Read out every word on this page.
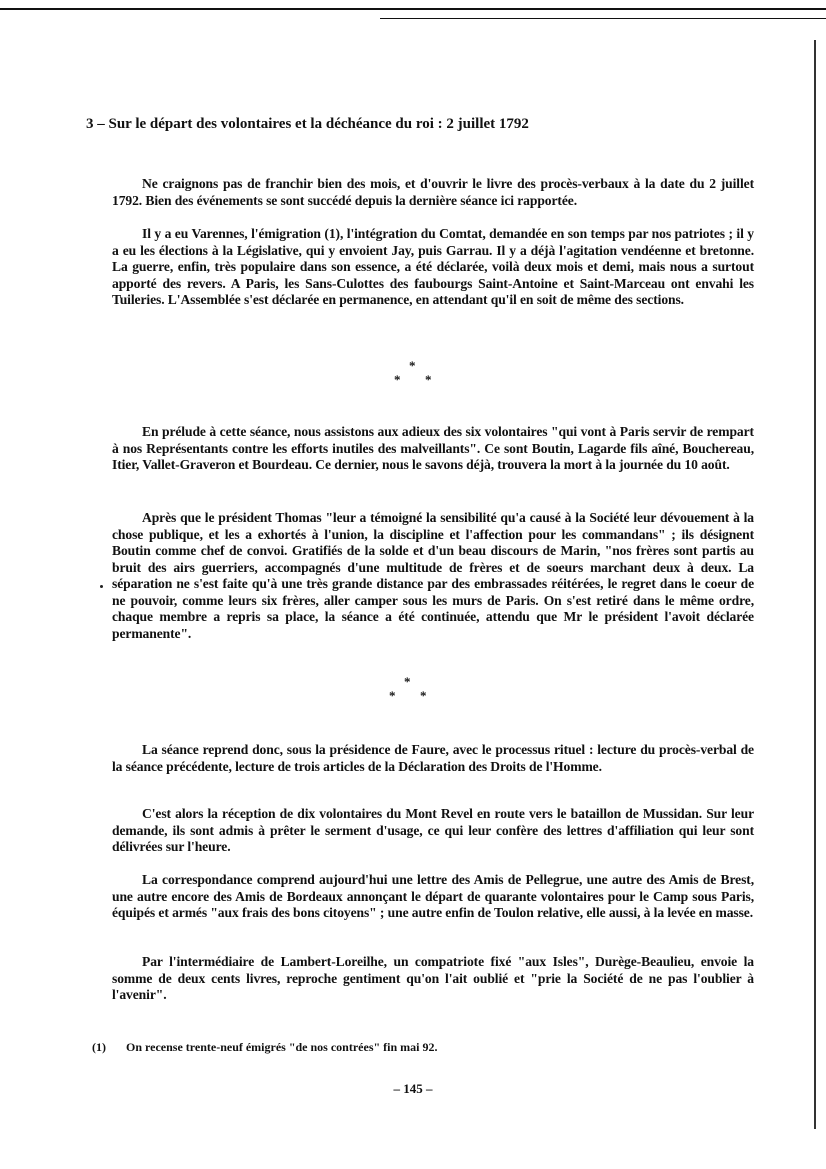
3 – Sur le départ des volontaires et la déchéance du roi : 2 juillet 1792

Ne craignons pas de franchir bien des mois, et d'ouvrir le livre des procès-verbaux à la date du 2 juillet 1792. Bien des événements se sont succédé depuis la dernière séance ici rapportée.

Il y a eu Varennes, l'émigration (1), l'intégration du Comtat, demandée en son temps par nos patriotes ; il y a eu les élections à la Législative, qui y envoient Jay, puis Garrau. Il y a déjà l'agitation vendéenne et bretonne. La guerre, enfin, très populaire dans son essence, a été déclarée, voilà deux mois et demi, mais nous a surtout apporté des revers. A Paris, les Sans-Culottes des faubourgs Saint-Antoine et Saint-Marceau ont envahi les Tuileries. L'Assemblée s'est déclarée en permanence, en attendant qu'il en soit de même des sections.

*
* *

En prélude à cette séance, nous assistons aux adieux des six volontaires "qui vont à Paris servir de rempart à nos Représentants contre les efforts inutiles des malveillants". Ce sont Boutin, Lagarde fils aîné, Bouchereau, Itier, Vallet-Graveron et Bourdeau. Ce dernier, nous le savons déjà, trouvera la mort à la journée du 10 août.

Après que le président Thomas "leur a témoigné la sensibilité qu'a causé à la Société leur dévouement à la chose publique, et les a exhortés à l'union, la discipline et l'affection pour les commandans" ; ils désignent Boutin comme chef de convoi. Gratifiés de la solde et d'un beau discours de Marin, "nos frères sont partis au bruit des airs guerriers, accompagnés d'une multitude de frères et de soeurs marchant deux à deux. La séparation ne s'est faite qu'à une très grande distance par des embrassades réitérées, le regret dans le coeur de ne pouvoir, comme leurs six frères, aller camper sous les murs de Paris. On s'est retiré dans le même ordre, chaque membre a repris sa place, la séance a été continuée, attendu que Mr le président l'avoit déclarée permanente".

*
* *

La séance reprend donc, sous la présidence de Faure, avec le processus rituel : lecture du procès-verbal de la séance précédente, lecture de trois articles de la Déclaration des Droits de l'Homme.

C'est alors la réception de dix volontaires du Mont Revel en route vers le bataillon de Mussidan. Sur leur demande, ils sont admis à prêter le serment d'usage, ce qui leur confère des lettres d'affiliation qui leur sont délivrées sur l'heure.

La correspondance comprend aujourd'hui une lettre des Amis de Pellegrue, une autre des Amis de Brest, une autre encore des Amis de Bordeaux annonçant le départ de quarante volontaires pour le Camp sous Paris, équipés et armés "aux frais des bons citoyens" ; une autre enfin de Toulon relative, elle aussi, à la levée en masse.

Par l'intermédiaire de Lambert-Loreilhe, un compatriote fixé "aux Isles", Durège-Beaulieu, envoie la somme de deux cents livres, reproche gentiment qu'on l'ait oublié et "prie la Société de ne pas l'oublier à l'avenir".

(1) On recense trente-neuf émigrés "de nos contrées" fin mai 92.
– 145 –
